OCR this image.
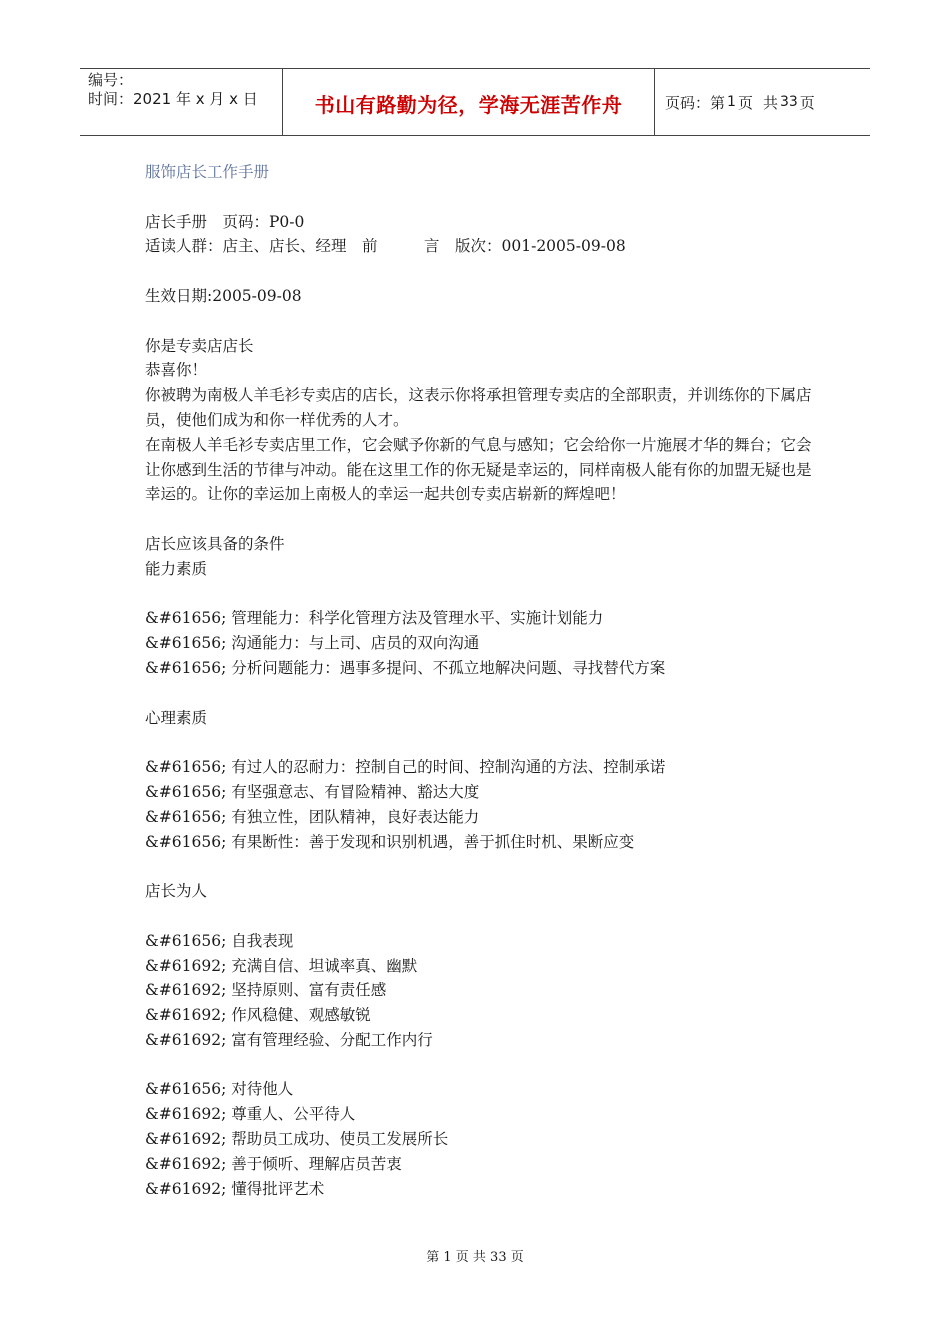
编号：
时间：2021 年 x 月 x 日	书山有路勤为径，学海无涯苦作舟	页码：第 1 页 共 33 页
服饰店长工作手册
店长手册　页码：P0-0
适读人群：店主、店长、经理　前　　　言　版次：001-2005-09-08
生效日期:2005-09-08
你是专卖店店长
恭喜你！
你被聘为南极人羊毛衫专卖店的店长，这表示你将承担管理专卖店的全部职责，并训练你的下属店员，使他们成为和你一样优秀的人才。
在南极人羊毛衫专卖店里工作，它会赋予你新的气息与感知；它会给你一片施展才华的舞台；它会让你感到生活的节律与冲动。能在这里工作的你无疑是幸运的，同样南极人能有你的加盟无疑也是幸运的。让你的幸运加上南极人的幸运一起共创专卖店崭新的辉煌吧！
店长应该具备的条件
能力素质
&#61656; 管理能力：科学化管理方法及管理水平、实施计划能力
&#61656; 沟通能力：与上司、店员的双向沟通
&#61656; 分析问题能力：遇事多提问、不孤立地解决问题、寻找替代方案
心理素质
&#61656; 有过人的忍耐力：控制自己的时间、控制沟通的方法、控制承诺
&#61656; 有坚强意志、有冒险精神、豁达大度
&#61656; 有独立性，团队精神，良好表达能力
&#61656; 有果断性：善于发现和识别机遇，善于抓住时机、果断应变
店长为人
&#61656; 自我表现
&#61692; 充满自信、坦诚率真、幽默
&#61692; 坚持原则、富有责任感
&#61692; 作风稳健、观感敏锐
&#61692; 富有管理经验、分配工作内行
&#61656; 对待他人
&#61692; 尊重人、公平待人
&#61692; 帮助员工成功、使员工发展所长
&#61692; 善于倾听、理解店员苦衷
&#61692; 懂得批评艺术
第 1 页 共 33 页
